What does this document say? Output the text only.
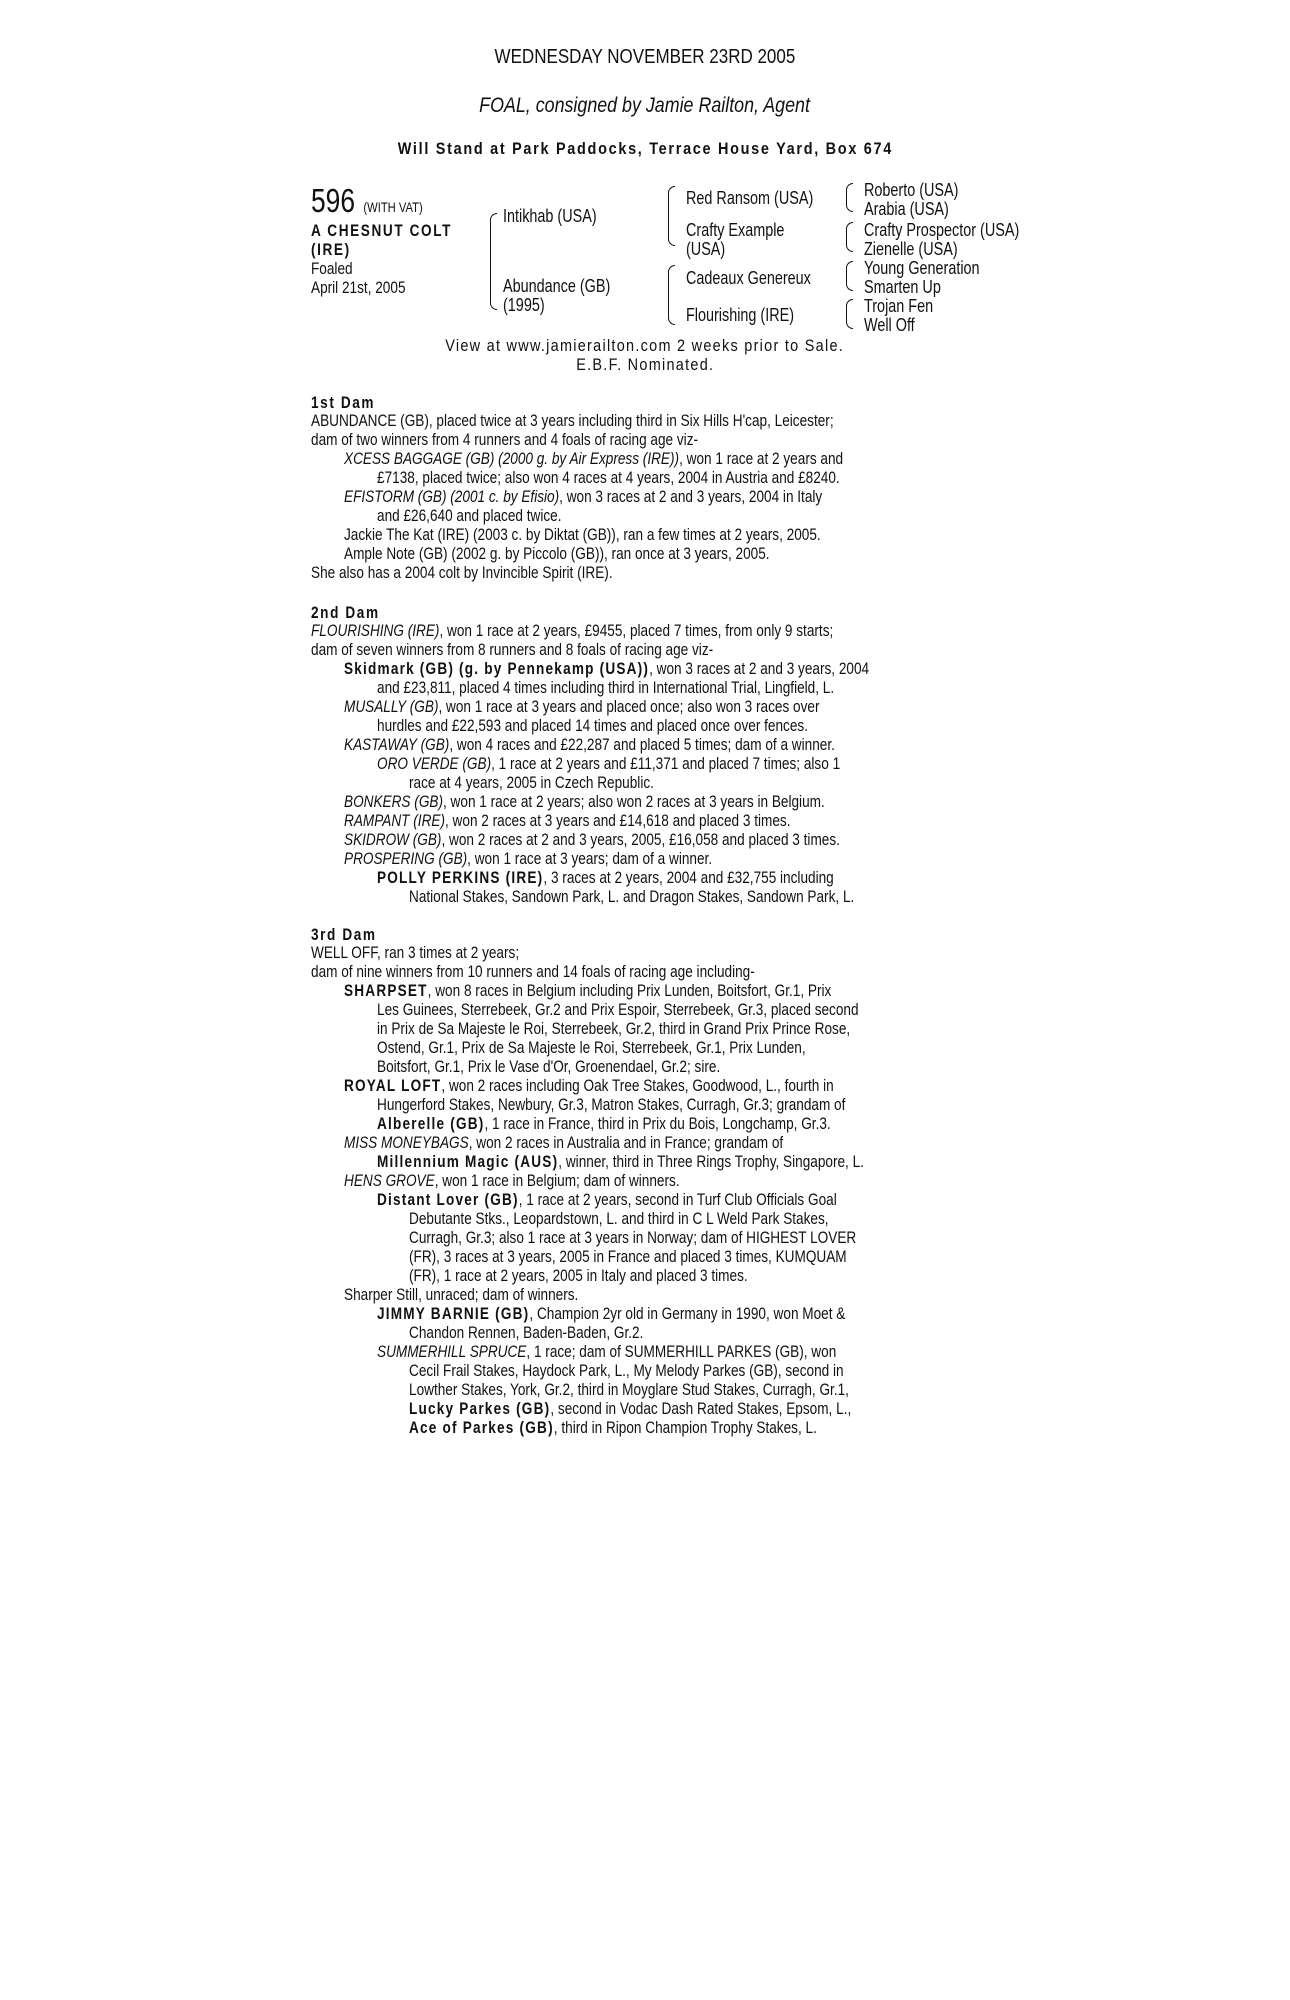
WEDNESDAY NOVEMBER 23RD 2005
FOAL, consigned by Jamie Railton, Agent
Will Stand at Park Paddocks, Terrace House Yard, Box 674
596 (WITH VAT)
A CHESNUT COLT
(IRE)
Foaled
April 21st, 2005
Intikhab (USA)
Abundance (GB)
(1995)
Red Ransom (USA)
Crafty Example
(USA)
Cadeaux Genereux
Flourishing (IRE)
Roberto (USA)
Arabia (USA)
Crafty Prospector (USA)
Zienelle (USA)
Young Generation
Smarten Up
Trojan Fen
Well Off
View at www.jamierailton.com 2 weeks prior to Sale.
E.B.F. Nominated.
1st Dam
ABUNDANCE (GB), placed twice at 3 years including third in Six Hills H'cap, Leicester;
dam of two winners from 4 runners and 4 foals of racing age viz-
XCESS BAGGAGE (GB) (2000 g. by Air Express (IRE)), won 1 race at 2 years and
£7138, placed twice; also won 4 races at 4 years, 2004 in Austria and £8240.
EFISTORM (GB) (2001 c. by Efisio), won 3 races at 2 and 3 years, 2004 in Italy
and £26,640 and placed twice.
Jackie The Kat (IRE) (2003 c. by Diktat (GB)), ran a few times at 2 years, 2005.
Ample Note (GB) (2002 g. by Piccolo (GB)), ran once at 3 years, 2005.
She also has a 2004 colt by Invincible Spirit (IRE).
2nd Dam
FLOURISHING (IRE), won 1 race at 2 years, £9455, placed 7 times, from only 9 starts;
dam of seven winners from 8 runners and 8 foals of racing age viz-
Skidmark (GB) (g. by Pennekamp (USA)), won 3 races at 2 and 3 years, 2004
and £23,811, placed 4 times including third in International Trial, Lingfield, L.
MUSALLY (GB), won 1 race at 3 years and placed once; also won 3 races over
hurdles and £22,593 and placed 14 times and placed once over fences.
KASTAWAY (GB), won 4 races and £22,287 and placed 5 times; dam of a winner.
ORO VERDE (GB), 1 race at 2 years and £11,371 and placed 7 times; also 1
race at 4 years, 2005 in Czech Republic.
BONKERS (GB), won 1 race at 2 years; also won 2 races at 3 years in Belgium.
RAMPANT (IRE), won 2 races at 3 years and £14,618 and placed 3 times.
SKIDROW (GB), won 2 races at 2 and 3 years, 2005, £16,058 and placed 3 times.
PROSPERING (GB), won 1 race at 3 years; dam of a winner.
POLLY PERKINS (IRE), 3 races at 2 years, 2004 and £32,755 including
National Stakes, Sandown Park, L. and Dragon Stakes, Sandown Park, L.
3rd Dam
WELL OFF, ran 3 times at 2 years;
dam of nine winners from 10 runners and 14 foals of racing age including-
SHARPSET, won 8 races in Belgium including Prix Lunden, Boitsfort, Gr.1, Prix
Les Guinees, Sterrebeek, Gr.2 and Prix Espoir, Sterrebeek, Gr.3, placed second
in Prix de Sa Majeste le Roi, Sterrebeek, Gr.2, third in Grand Prix Prince Rose,
Ostend, Gr.1, Prix de Sa Majeste le Roi, Sterrebeek, Gr.1, Prix Lunden,
Boitsfort, Gr.1, Prix le Vase d'Or, Groenendael, Gr.2; sire.
ROYAL LOFT, won 2 races including Oak Tree Stakes, Goodwood, L., fourth in
Hungerford Stakes, Newbury, Gr.3, Matron Stakes, Curragh, Gr.3; grandam of
Alberelle (GB), 1 race in France, third in Prix du Bois, Longchamp, Gr.3.
MISS MONEYBAGS, won 2 races in Australia and in France; grandam of
Millennium Magic (AUS), winner, third in Three Rings Trophy, Singapore, L.
HENS GROVE, won 1 race in Belgium; dam of winners.
Distant Lover (GB), 1 race at 2 years, second in Turf Club Officials Goal
Debutante Stks., Leopardstown, L. and third in C L Weld Park Stakes,
Curragh, Gr.3; also 1 race at 3 years in Norway; dam of HIGHEST LOVER
(FR), 3 races at 3 years, 2005 in France and placed 3 times, KUMQUAM
(FR), 1 race at 2 years, 2005 in Italy and placed 3 times.
Sharper Still, unraced; dam of winners.
JIMMY BARNIE (GB), Champion 2yr old in Germany in 1990, won Moet &
Chandon Rennen, Baden-Baden, Gr.2.
SUMMERHILL SPRUCE, 1 race; dam of SUMMERHILL PARKES (GB), won
Cecil Frail Stakes, Haydock Park, L., My Melody Parkes (GB), second in
Lowther Stakes, York, Gr.2, third in Moyglare Stud Stakes, Curragh, Gr.1,
Lucky Parkes (GB), second in Vodac Dash Rated Stakes, Epsom, L.,
Ace of Parkes (GB), third in Ripon Champion Trophy Stakes, L.
